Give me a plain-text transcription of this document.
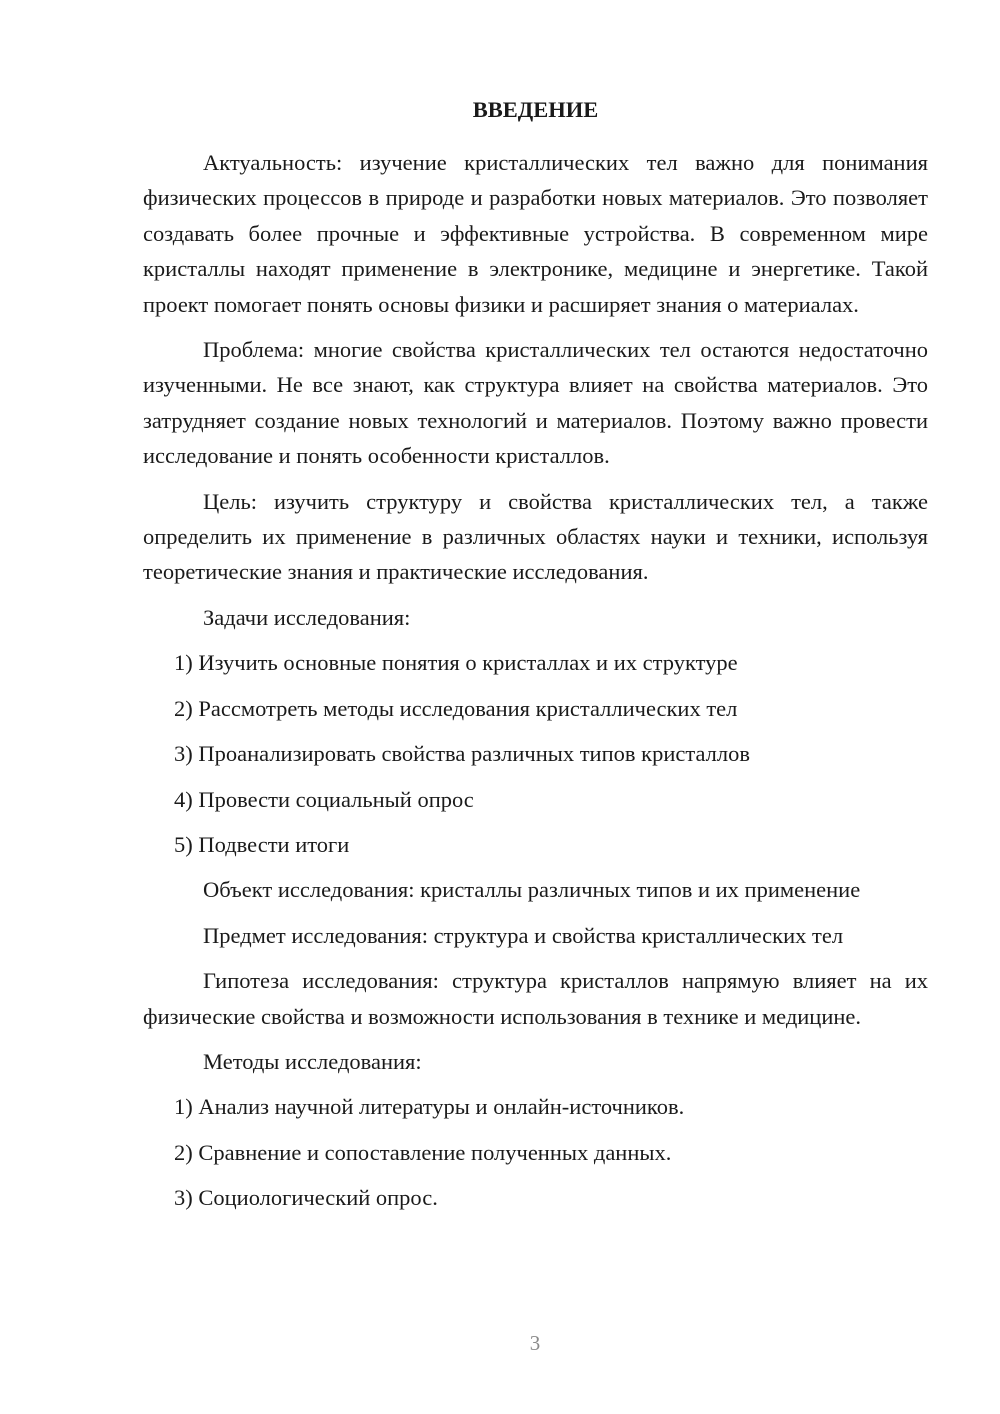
ВВЕДЕНИЕ

Актуальность: изучение кристаллических тел важно для понимания физических процессов в природе и разработки новых материалов. Это позволяет создавать более прочные и эффективные устройства. В современном мире кристаллы находят применение в электронике, медицине и энергетике. Такой проект помогает понять основы физики и расширяет знания о материалах.

Проблема: многие свойства кристаллических тел остаются недостаточно изученными. Не все знают, как структура влияет на свойства материалов. Это затрудняет создание новых технологий и материалов. Поэтому важно провести исследование и понять особенности кристаллов.

Цель: изучить структуру и свойства кристаллических тел, а также определить их применение в различных областях науки и техники, используя теоретические знания и практические исследования.

Задачи исследования:

1) Изучить основные понятия о кристаллах и их структуре
2) Рассмотреть методы исследования кристаллических тел
3) Проанализировать свойства различных типов кристаллов
4) Провести социальный опрос
5) Подвести итоги

Объект исследования: кристаллы различных типов и их применение

Предмет исследования: структура и свойства кристаллических тел

Гипотеза исследования: структура кристаллов напрямую влияет на их физические свойства и возможности использования в технике и медицине.

Методы исследования:

1) Анализ научной литературы и онлайн-источников.
2) Сравнение и сопоставление полученных данных.
3) Социологический опрос.
3
